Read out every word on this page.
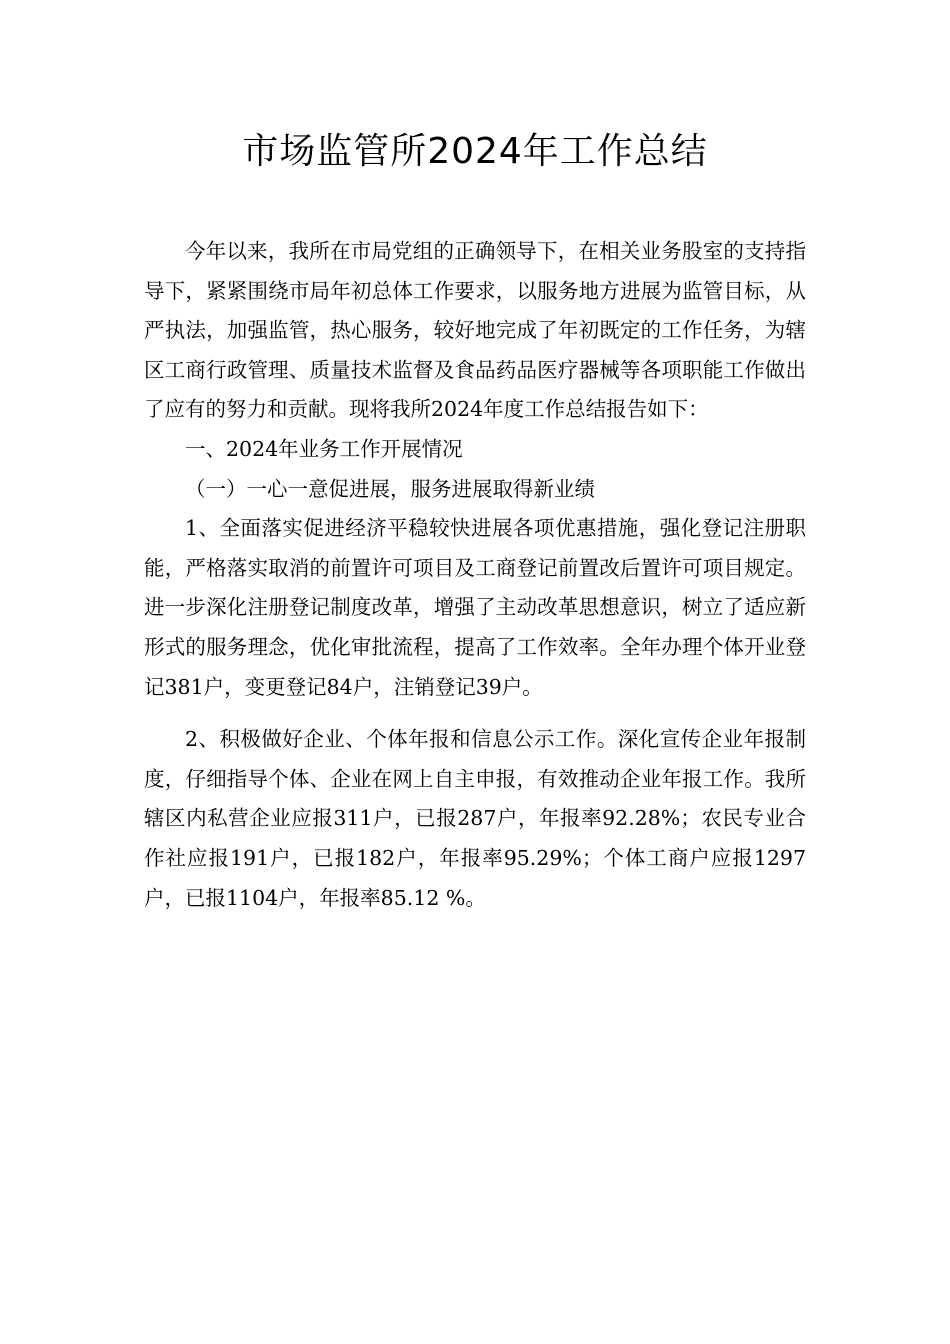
市场监管所2024年工作总结

今年以来，我所在市局党组的正确领导下，在相关业务股室的支持指导下，紧紧围绕市局年初总体工作要求，以服务地方进展为监管目标，从严执法，加强监管，热心服务，较好地完成了年初既定的工作任务，为辖区工商行政管理、质量技术监督及食品药品医疗器械等各项职能工作做出了应有的努力和贡献。现将我所2024年度工作总结报告如下：

一、2024年业务工作开展情况

（一）一心一意促进展，服务进展取得新业绩

1、全面落实促进经济平稳较快进展各项优惠措施，强化登记注册职能，严格落实取消的前置许可项目及工商登记前置改后置许可项目规定。进一步深化注册登记制度改革，增强了主动改革思想意识，树立了适应新形式的服务理念，优化审批流程，提高了工作效率。全年办理个体开业登记381户，变更登记84户，注销登记39户。

2、积极做好企业、个体年报和信息公示工作。深化宣传企业年报制度，仔细指导个体、企业在网上自主申报，有效推动企业年报工作。我所辖区内私营企业应报311户，已报287户，年报率92.28%；农民专业合作社应报191户，已报182户，年报率95.29%；个体工商户应报1297户，已报1104户，年报率85.12 %。
